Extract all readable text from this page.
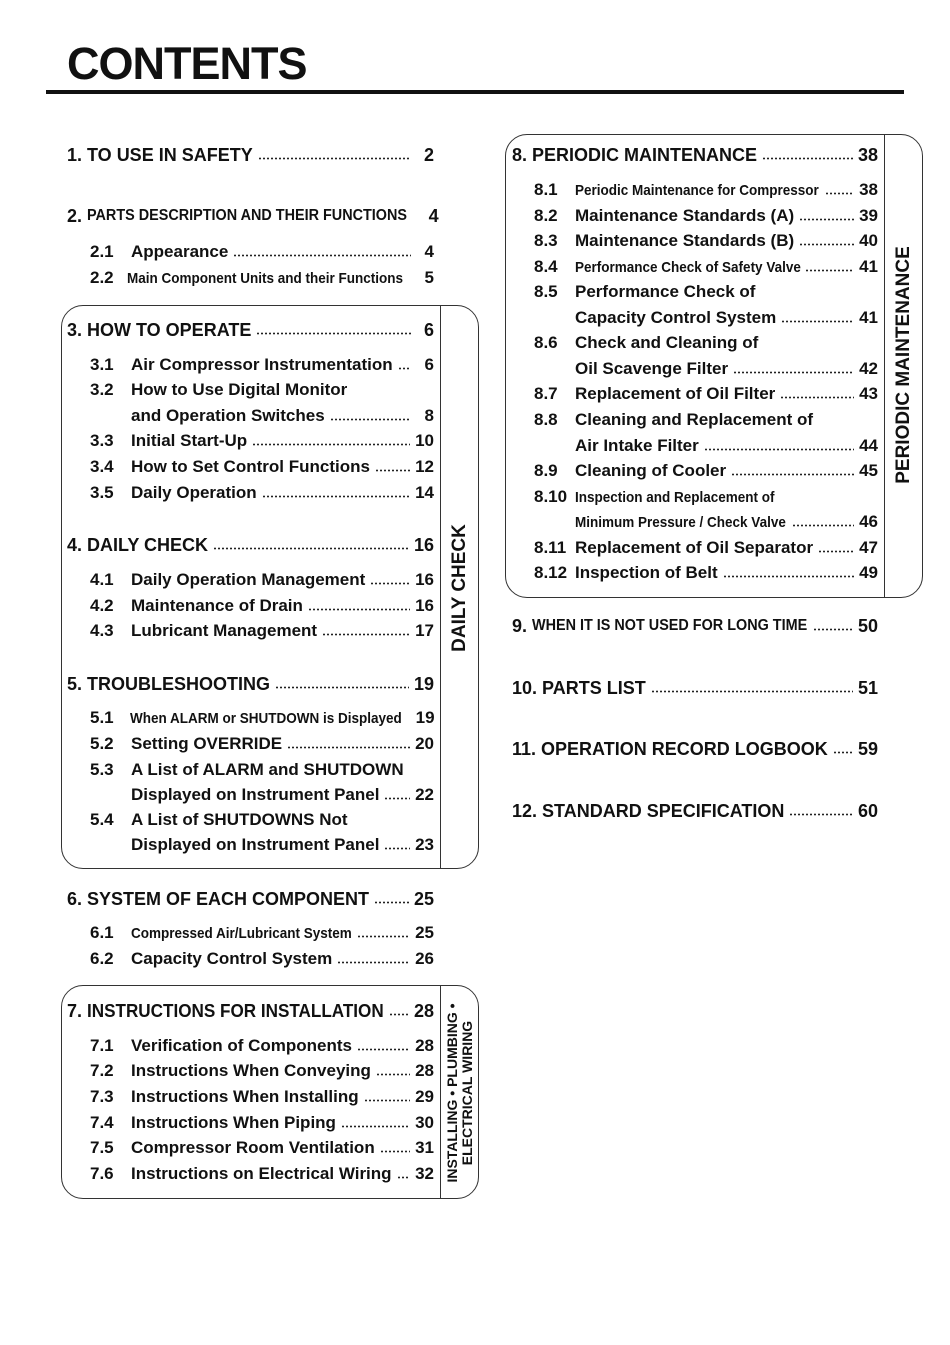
CONTENTS
DAILY CHECK
INSTALLING • PLUMBING • ELECTRICAL WIRING
PERIODIC MAINTENANCE
1. TO USE IN SAFETY	2
2. PARTS DESCRIPTION AND THEIR FUNCTIONS	4
2.1	Appearance	4
2.2 Main Component Units and their Functions	5
3. HOW TO OPERATE	6
3.1	Air Compressor Instrumentation	6
3.2	How to Use Digital Monitor
and Operation Switches	8
3.3	Initial Start-Up	10
3.4	How to Set Control Functions	12
3.5	Daily Operation	14
4. DAILY CHECK	16
4.1	Daily Operation Management	16
4.2	Maintenance of Drain	16
4.3	Lubricant Management	17
5. TROUBLESHOOTING	19
5.1	When ALARM or SHUTDOWN is Displayed 19
5.2	Setting OVERRIDE	20
5.3	A List of ALARM and SHUTDOWN
Displayed on Instrument Panel 22
5.4	A List of SHUTDOWNS Not
Displayed on Instrument Panel 23
6. SYSTEM OF EACH COMPONENT 25
6.1	Compressed Air/Lubricant System	25
6.2	Capacity Control System	26
7. INSTRUCTIONS FOR INSTALLATION 28
7.1	Verification of Components	28
7.2	Instructions When Conveying	28
7.3	Instructions When Installing	29
7.4	Instructions When Piping	30
7.5	Compressor Room Ventilation 31
7.6	Instructions on Electrical Wiring 32
8. PERIODIC MAINTENANCE	38
8.1	Periodic Maintenance for Compressor 38
8.2	Maintenance Standards (A)	39
8.3	Maintenance Standards (B)	40
8.4	Performance Check of Safety Valve	41
8.5	Performance Check of
Capacity Control System	41
8.6	Check and Cleaning of
Oil Scavenge Filter	42
8.7	Replacement of Oil Filter	43
8.8	Cleaning and Replacement of
Air Intake Filter	44
8.9	Cleaning of Cooler	45
8.10 Inspection and Replacement of
Minimum Pressure / Check Valve	46
8.11 Replacement of Oil Separator	47
8.12 Inspection of Belt	49
9. WHEN IT IS NOT USED FOR LONG TIME	50
10. PARTS LIST	51
11. OPERATION RECORD LOGBOOK 59
12. STANDARD SPECIFICATION	60
